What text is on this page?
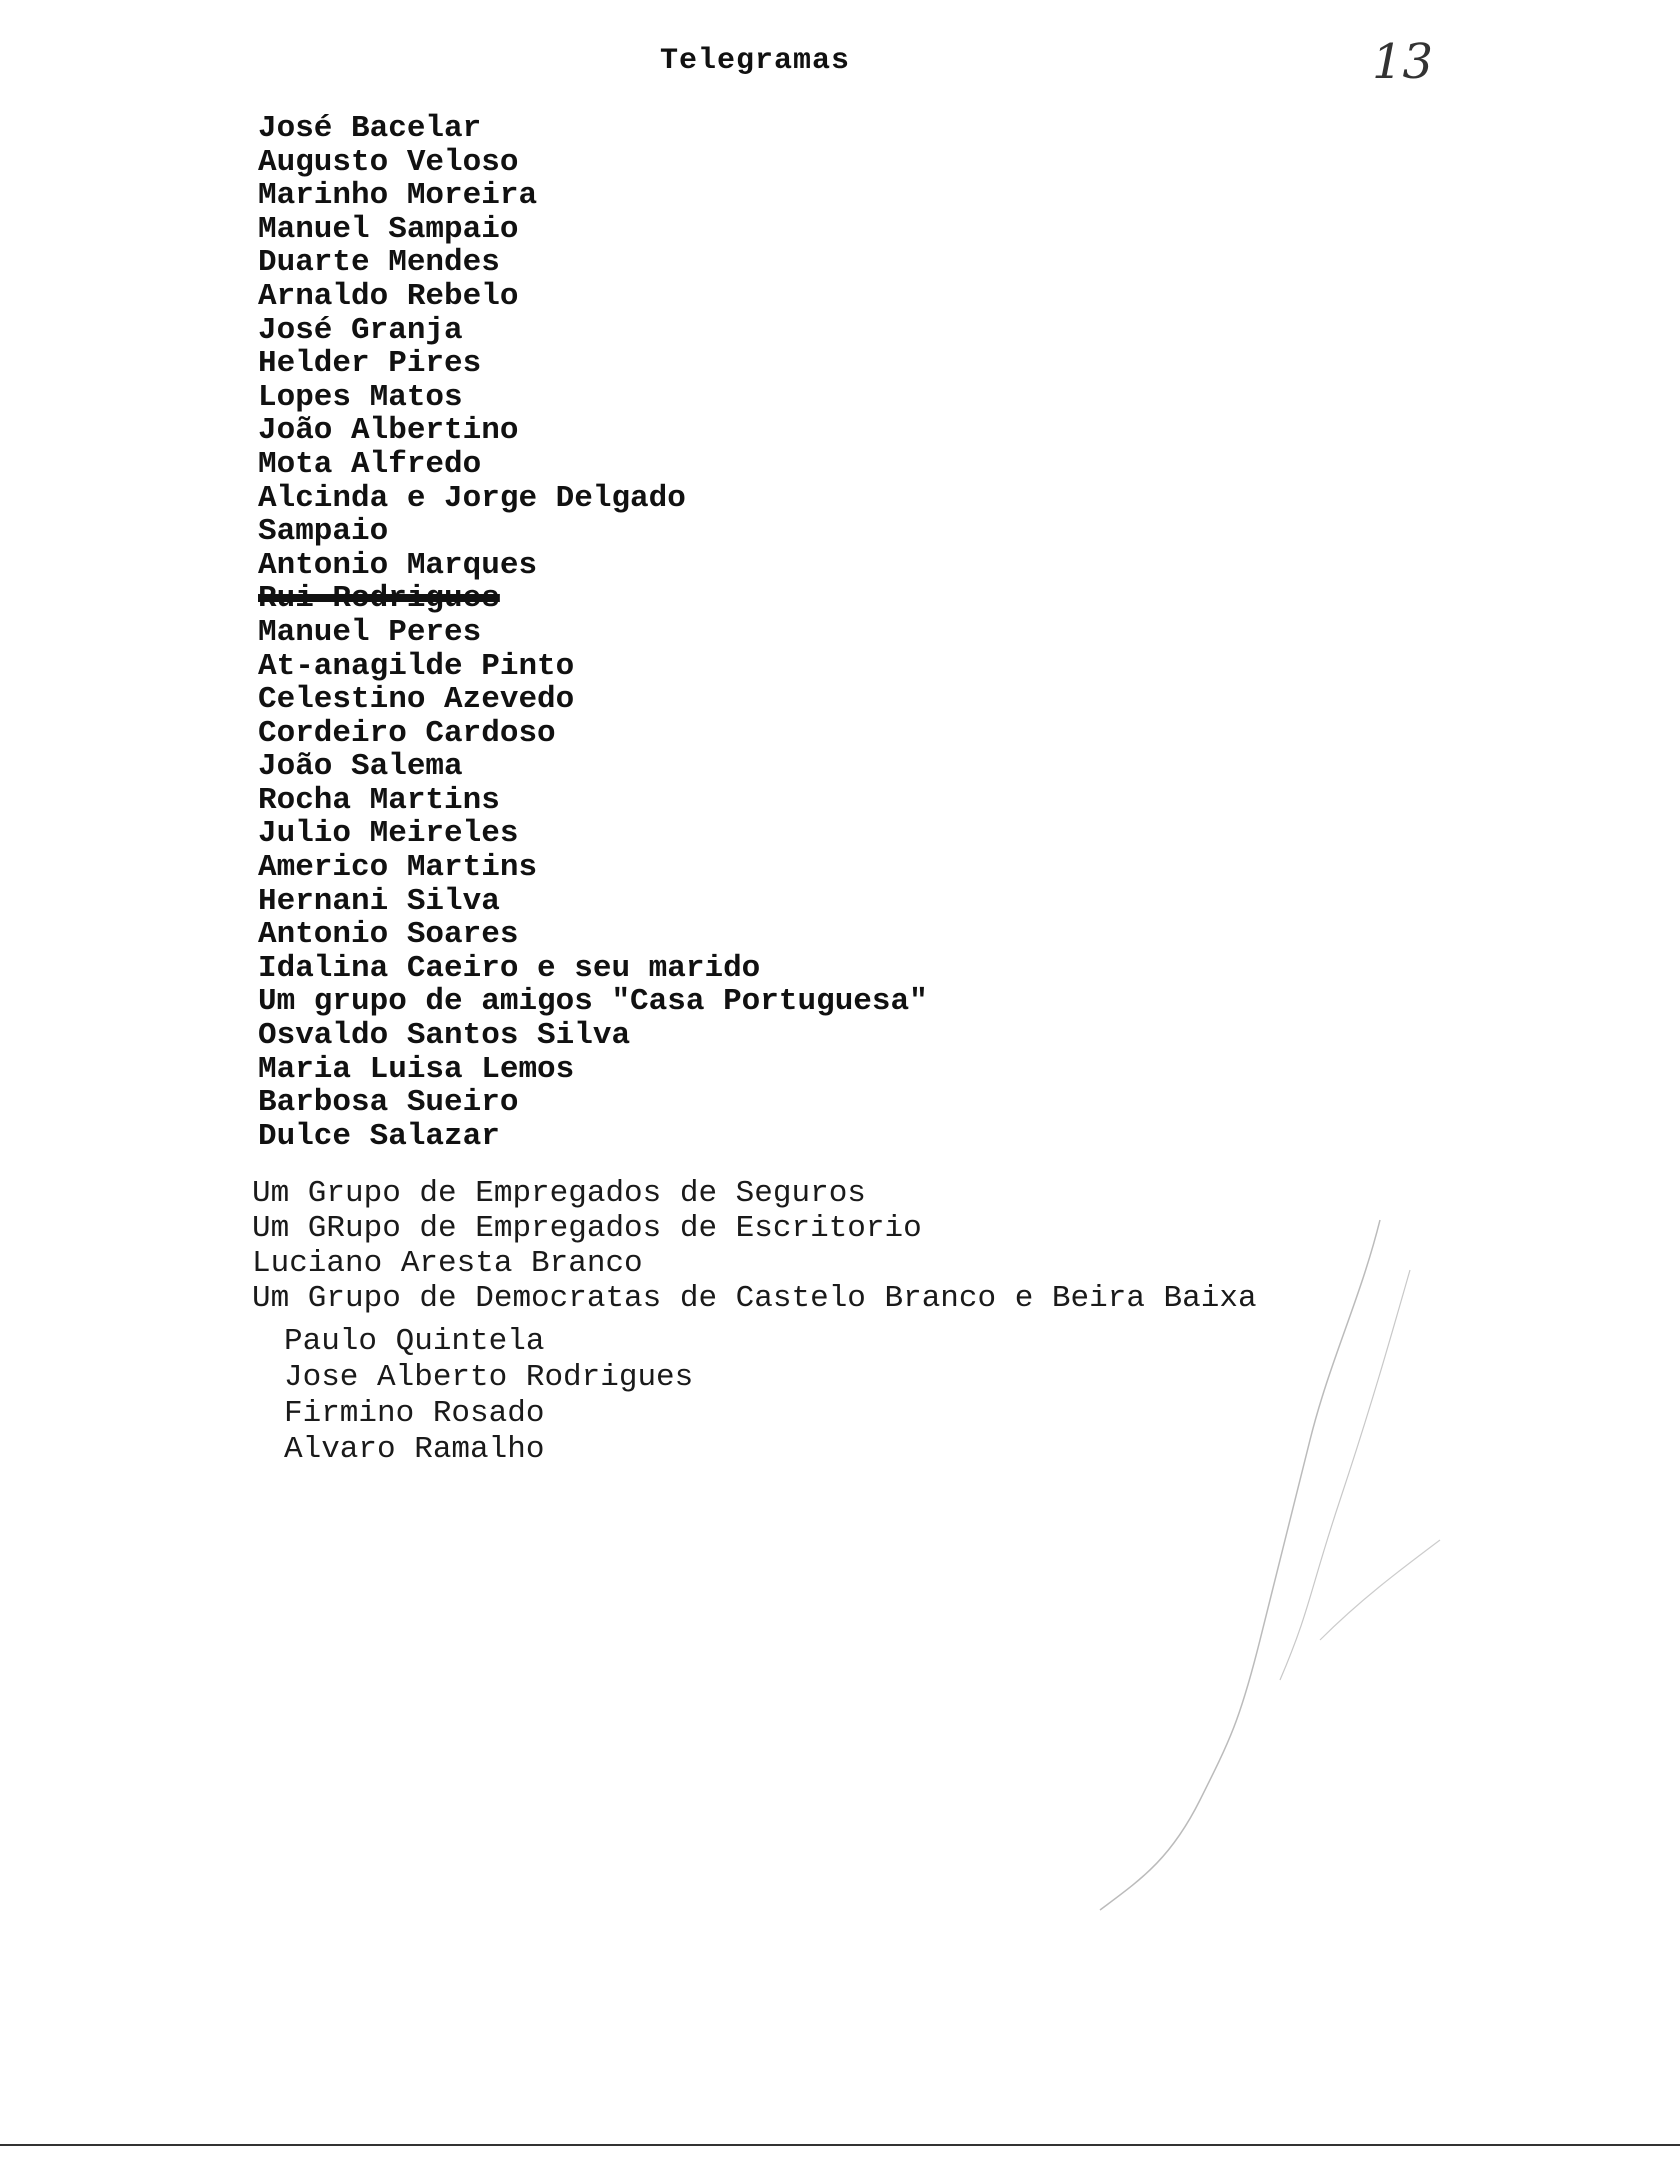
Telegramas	13
José Bacelar
Augusto Veloso
Marinho Moreira
Manuel Sampaio
Duarte Mendes
Arnaldo Rebelo
José Granja
Helder Pires
Lopes Matos
João Albertino
Mota Alfredo
Alcinda e Jorge Delgado
Sampaio
Antonio Marques
Rui Rodrigues
Manuel Peres
At-anagilde Pinto
Celestino Azevedo
Cordeiro Cardoso
João Salema
Rocha Martins
Julio Meireles
Americo Martins
Hernani Silva
Antonio Soares
Idalina Caeiro e seu marido
Um grupo de amigos "Casa Portuguesa"
Osvaldo Santos Silva
Maria Luisa Lemos
Barbosa Sueiro
Dulce Salazar
Um Grupo de Empregados de Seguros
Um GRupo de Empregados de Escritorio
Luciano Aresta Branco
Um Grupo de Democratas de Castelo Branco e Beira Baixa
Paulo Quintela
Jose Alberto Rodrigues
Firmino Rosado
Alvaro Ramalho
